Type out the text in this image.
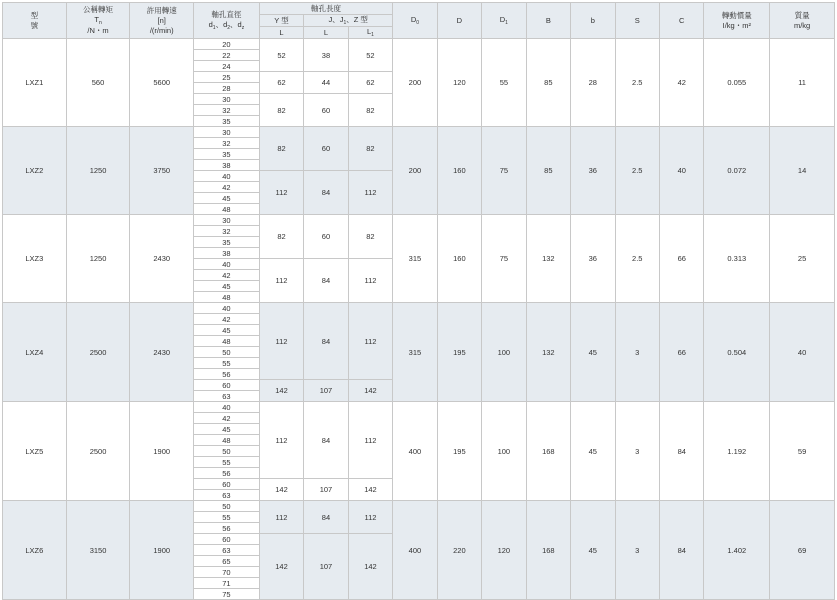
型
號	公稱轉矩
$T_n$
/N・m	許用轉速
[n]
/(r/min)	軸孔直徑
$d_1$、$d_2$、$d_z$	軸孔長度			$D_0$	D	$D_1$	B	b	S	C	轉動慣量
I/kg・m²	質量
m/kg
				Y 型	J、$J_1$、Z 型										
				L	L	$L_1$
LXZ1	560	5600	20	52	38	52	200	120	55	85	28	2.5	42	0.055	11
			22												
			24												
			25	62	44	62									
			28												
			30	82	60	82									
			32												
			35												
LXZ2	1250	3750	30	82	60	82	200	160	75	85	36	2.5	40	0.072	14
			32												
			35												
			38												
			40	112	84	112									
			42												
			45												
			48												
LXZ3	1250	2430	30	82	60	82	315	160	75	132	36	2.5	66	0.313	25
			32												
			35												
			38												
			40	112	84	112									
			42												
			45												
			48												
LXZ4	2500	2430	40	112	84	112	315	195	100	132	45	3	66	0.504	40
			42												
			45												
			48												
			50												
			55												
			56												
			60	142	107	142									
			63												
LXZ5	2500	1900	40	112	84	112	400	195	100	168	45	3	84	1.192	59
			42												
			45												
			48												
			50												
			55												
			56												
			60	142	107	142									
			63												
LXZ6	3150	1900	50	112	84	112	400	220	120	168	45	3	84	1.402	69
			55												
			56												
			60	142	107	142									
			63												
			65												
			70												
			71												
			75												
